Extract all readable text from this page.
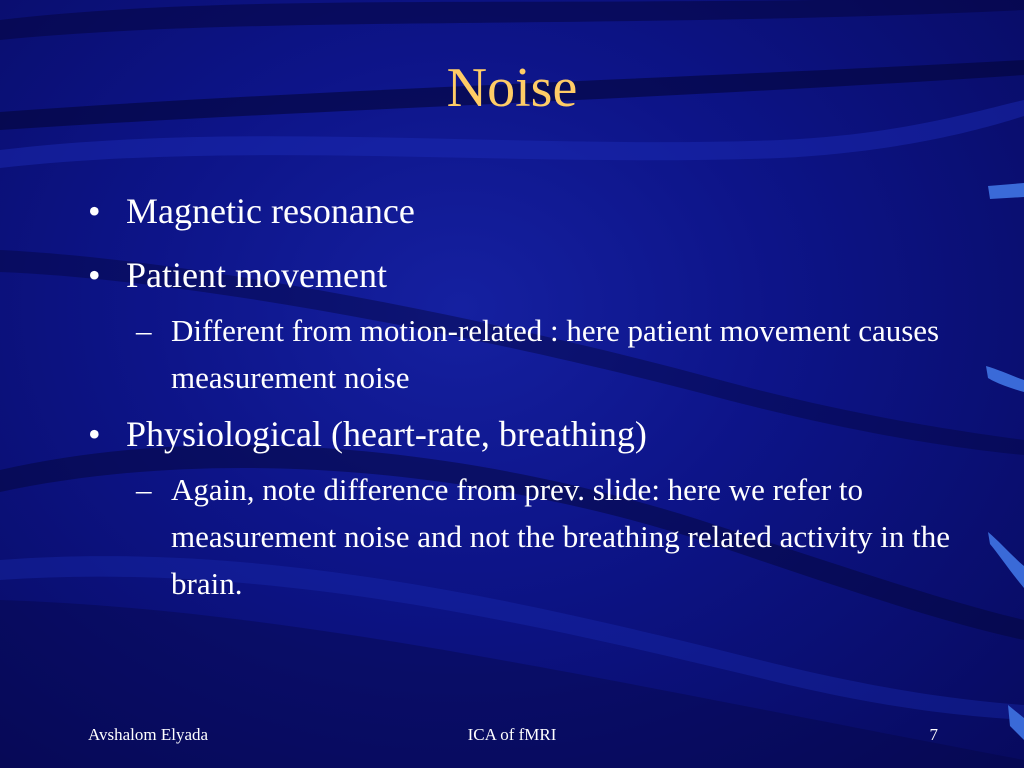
Noise
• Magnetic resonance
• Patient movement
– Different from motion-related : here patient movement causes measurement noise
• Physiological (heart-rate, breathing)
– Again, note difference from prev. slide: here we refer to measurement noise and not the breathing related activity in the brain.
Avshalom Elyada	ICA of fMRI	7
